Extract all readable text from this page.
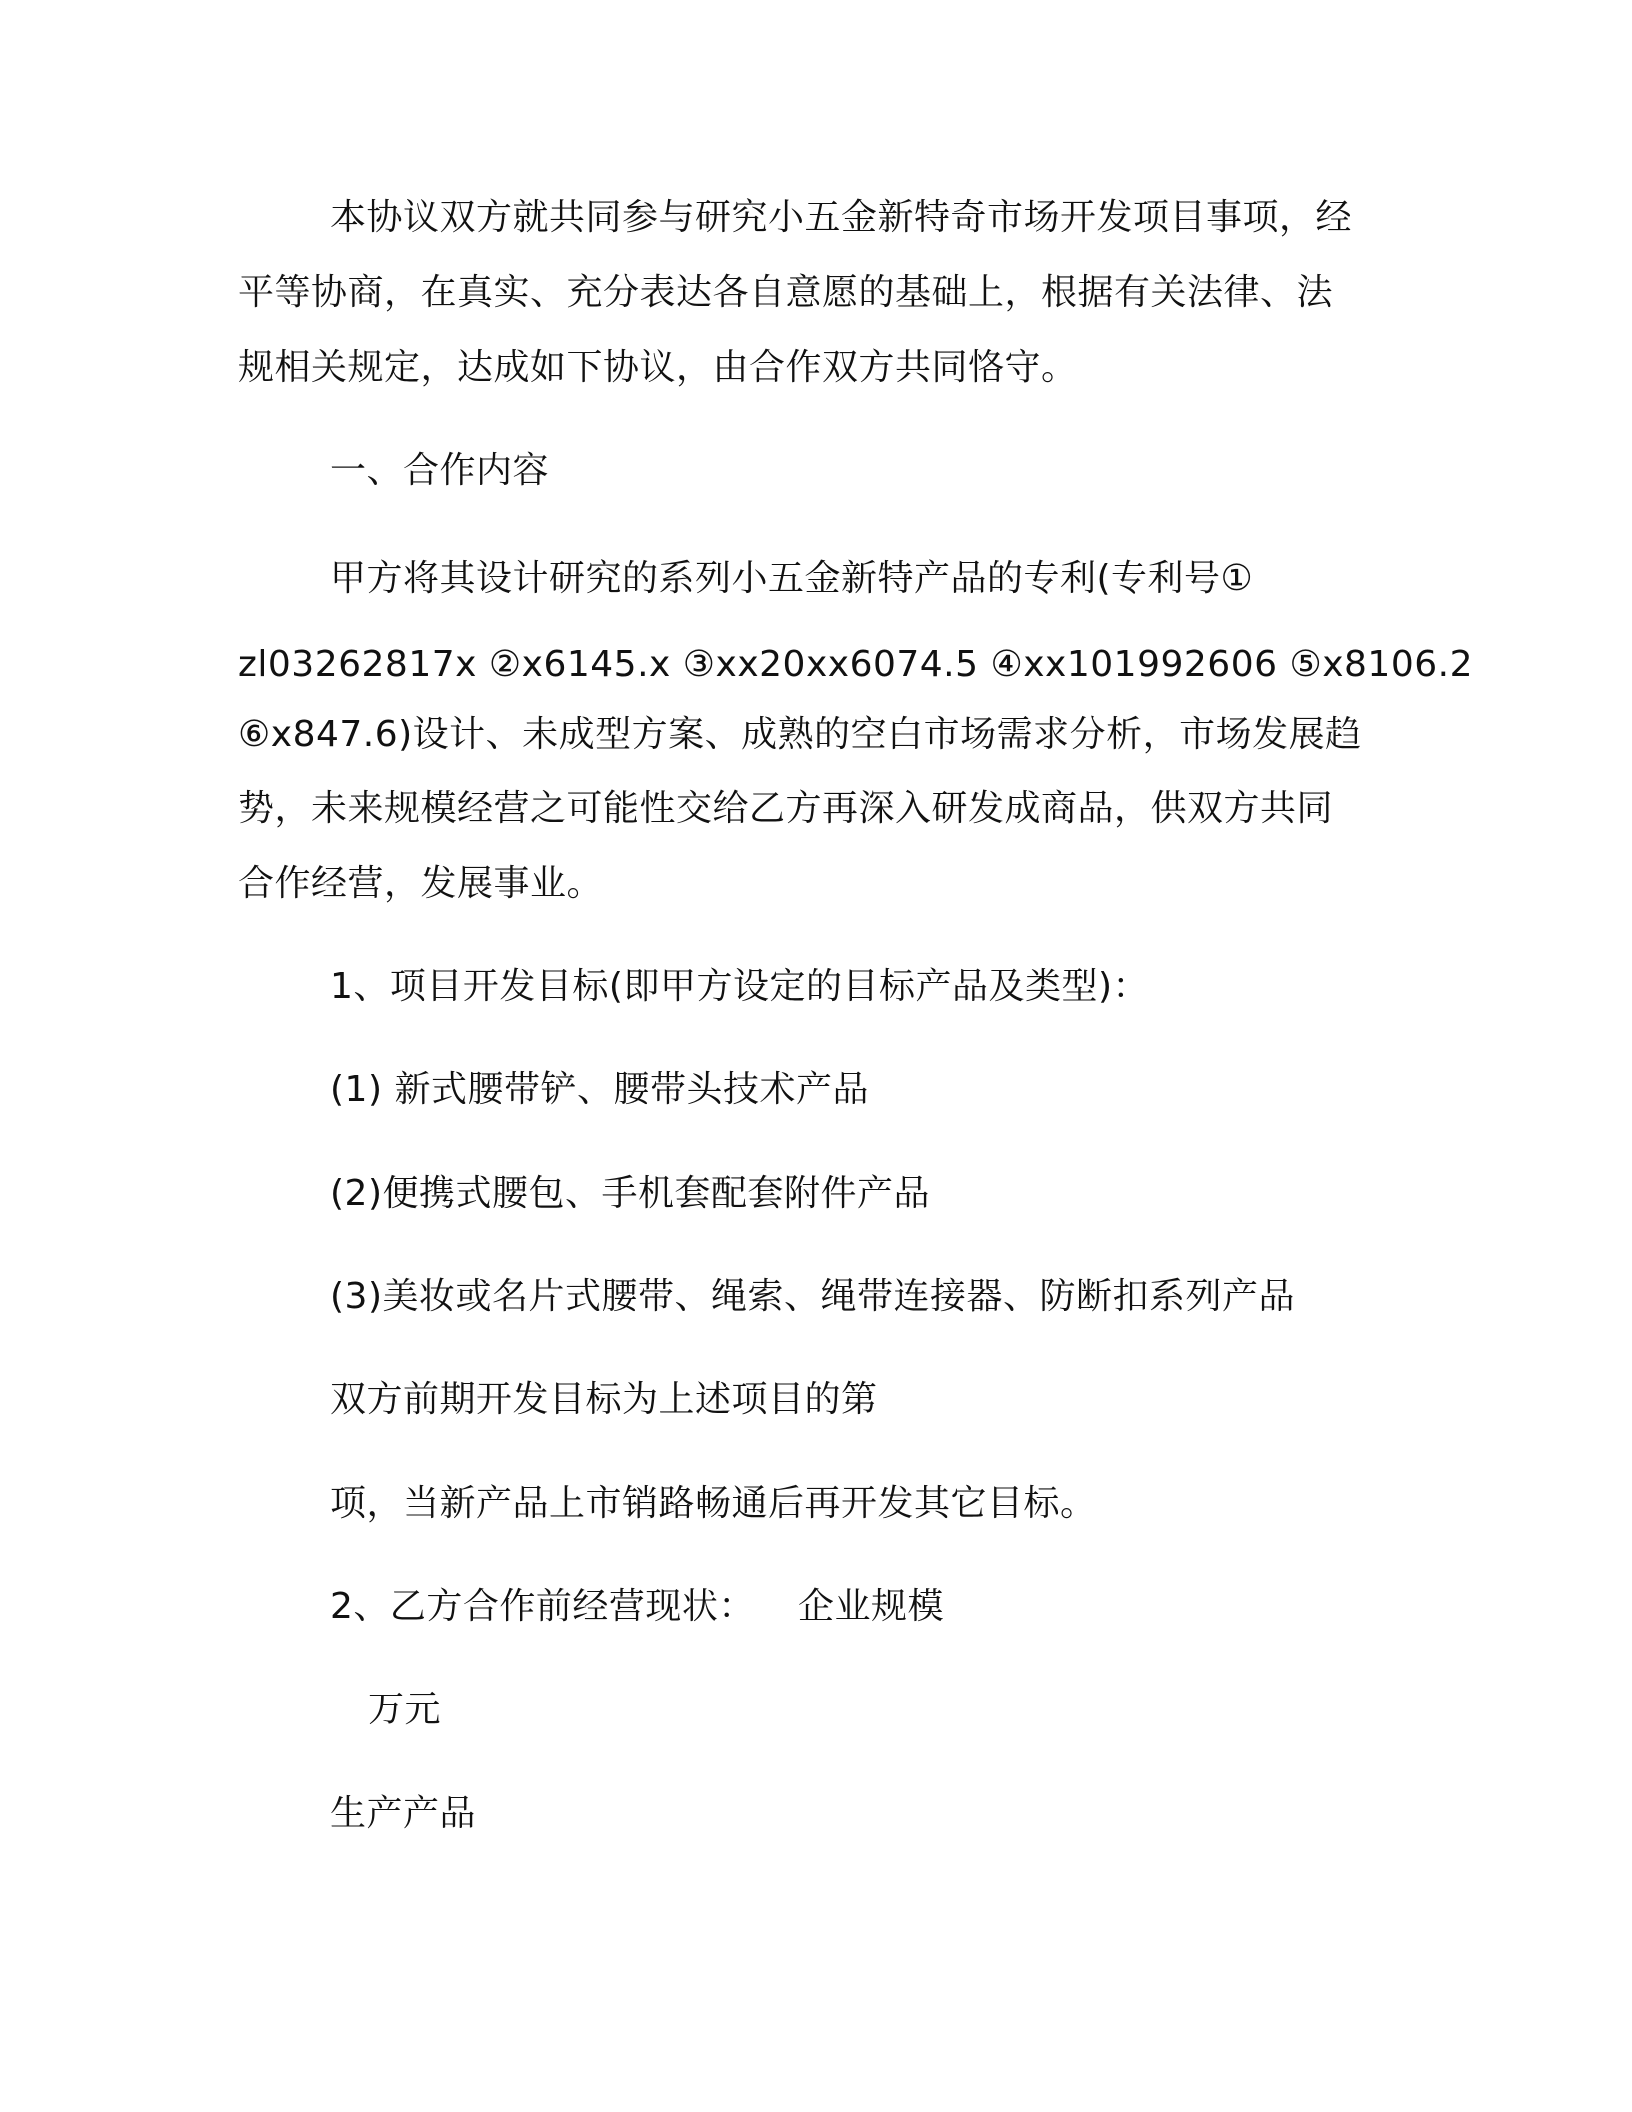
本协议双方就共同参与研究小五金新特奇市场开发项目事项，经

平等协商，在真实、充分表达各自意愿的基础上，根据有关法律、法

规相关规定，达成如下协议，由合作双方共同恪守。

一、合作内容

甲方将其设计研究的系列小五金新特产品的专利(专利号①

zl03262817x ②x6145.x ③xx20xx6074.5 ④xx101992606 ⑤x8106.2

⑥x847.6)设计、未成型方案、成熟的空白市场需求分析，市场发展趋

势，未来规模经营之可能性交给乙方再深入研发成商品，供双方共同

合作经营，发展事业。

1、项目开发目标(即甲方设定的目标产品及类型)：

(1) 新式腰带铲、腰带头技术产品

(2)便携式腰包、手机套配套附件产品

(3)美妆或名片式腰带、绳索、绳带连接器、防断扣系列产品

双方前期开发目标为上述项目的第

项，当新产品上市销路畅通后再开发其它目标。

2、乙方合作前经营现状： 企业规模

万元

生产产品
